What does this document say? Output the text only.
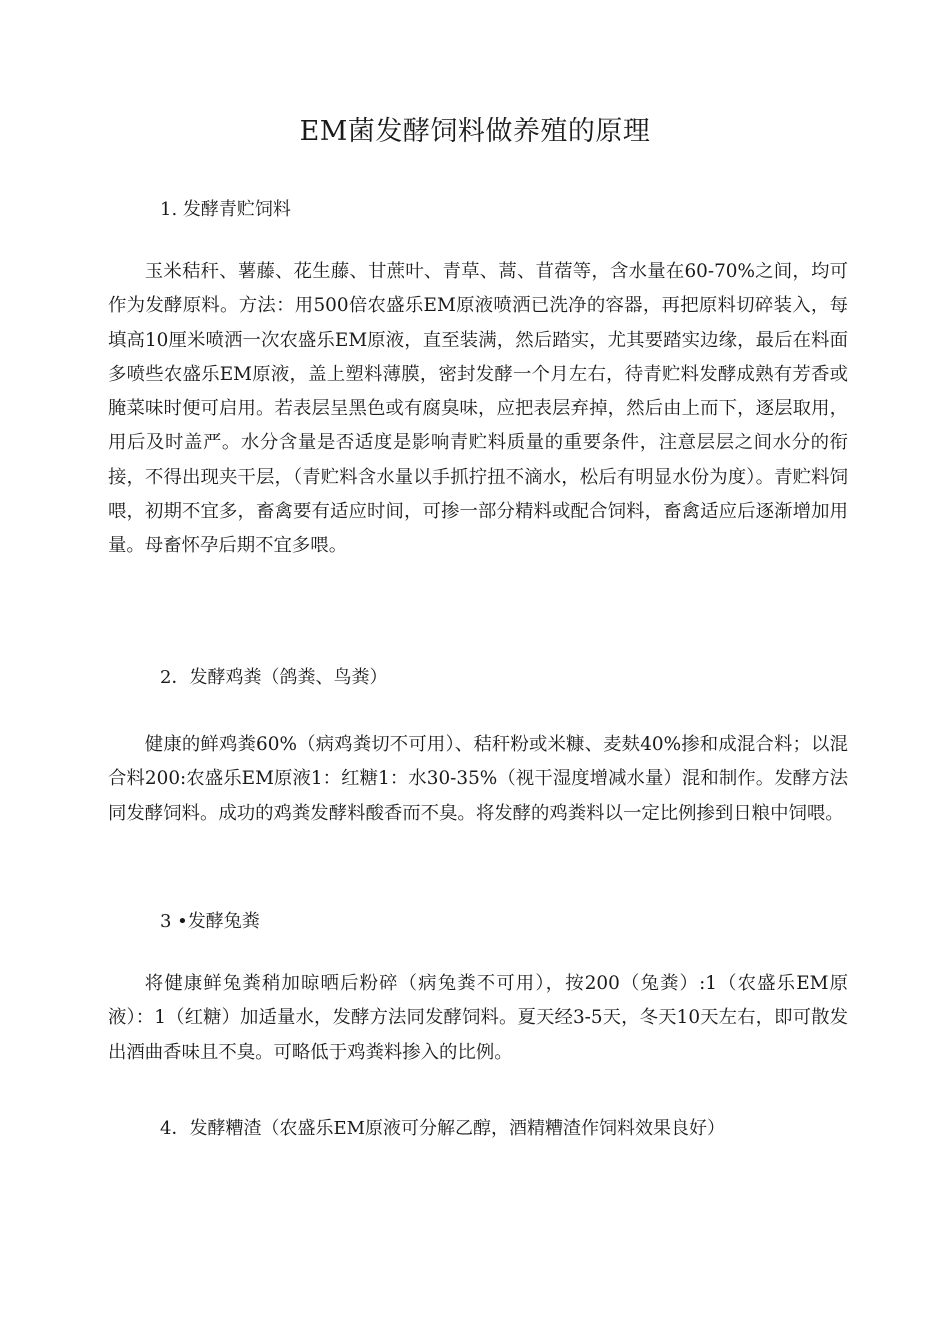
EM菌发酵饲料做养殖的原理
1. 发酵青贮饲料

玉米秸秆、薯藤、花生藤、甘蔗叶、青草、蒿、苜蓿等，含水量在60-70%之间，均可作为发酵原料。方法：用500倍农盛乐EM原液喷洒已洗净的容器，再把原料切碎装入，每填高10厘米喷洒一次农盛乐EM原液，直至装满，然后踏实，尤其要踏实边缘，最后在料面多喷些农盛乐EM原液，盖上塑料薄膜，密封发酵一个月左右，待青贮料发酵成熟有芳香或腌菜味时便可启用。若表层呈黑色或有腐臭味，应把表层弃掉，然后由上而下，逐层取用，用后及时盖严。水分含量是否适度是影响青贮料质量的重要条件，注意层层之间水分的衔接，不得出现夹干层，（青贮料含水量以手抓拧扭不滴水，松后有明显水份为度）。青贮料饲喂，初期不宜多，畜禽要有适应时间，可掺一部分精料或配合饲料，畜禽适应后逐渐增加用量。母畜怀孕后期不宜多喂。

2．发酵鸡粪（鸽粪、鸟粪）

健康的鲜鸡粪60%（病鸡粪切不可用）、秸秆粉或米糠、麦麸40%掺和成混合料；以混合料200:农盛乐EM原液1：红糖1：水30-35%（视干湿度增减水量）混和制作。发酵方法同发酵饲料。成功的鸡粪发酵料酸香而不臭。将发酵的鸡粪料以一定比例掺到日粮中饲喂。

3 •发酵兔粪

将健康鲜兔粪稍加晾晒后粉碎（病兔粪不可用），按200（兔粪）:1（农盛乐EM原液）：1（红糖）加适量水，发酵方法同发酵饲料。夏天经3-5天，冬天10天左右，即可散发出酒曲香味且不臭。可略低于鸡粪料掺入的比例。

4．发酵糟渣（农盛乐EM原液可分解乙醇，酒精糟渣作饲料效果良好）
